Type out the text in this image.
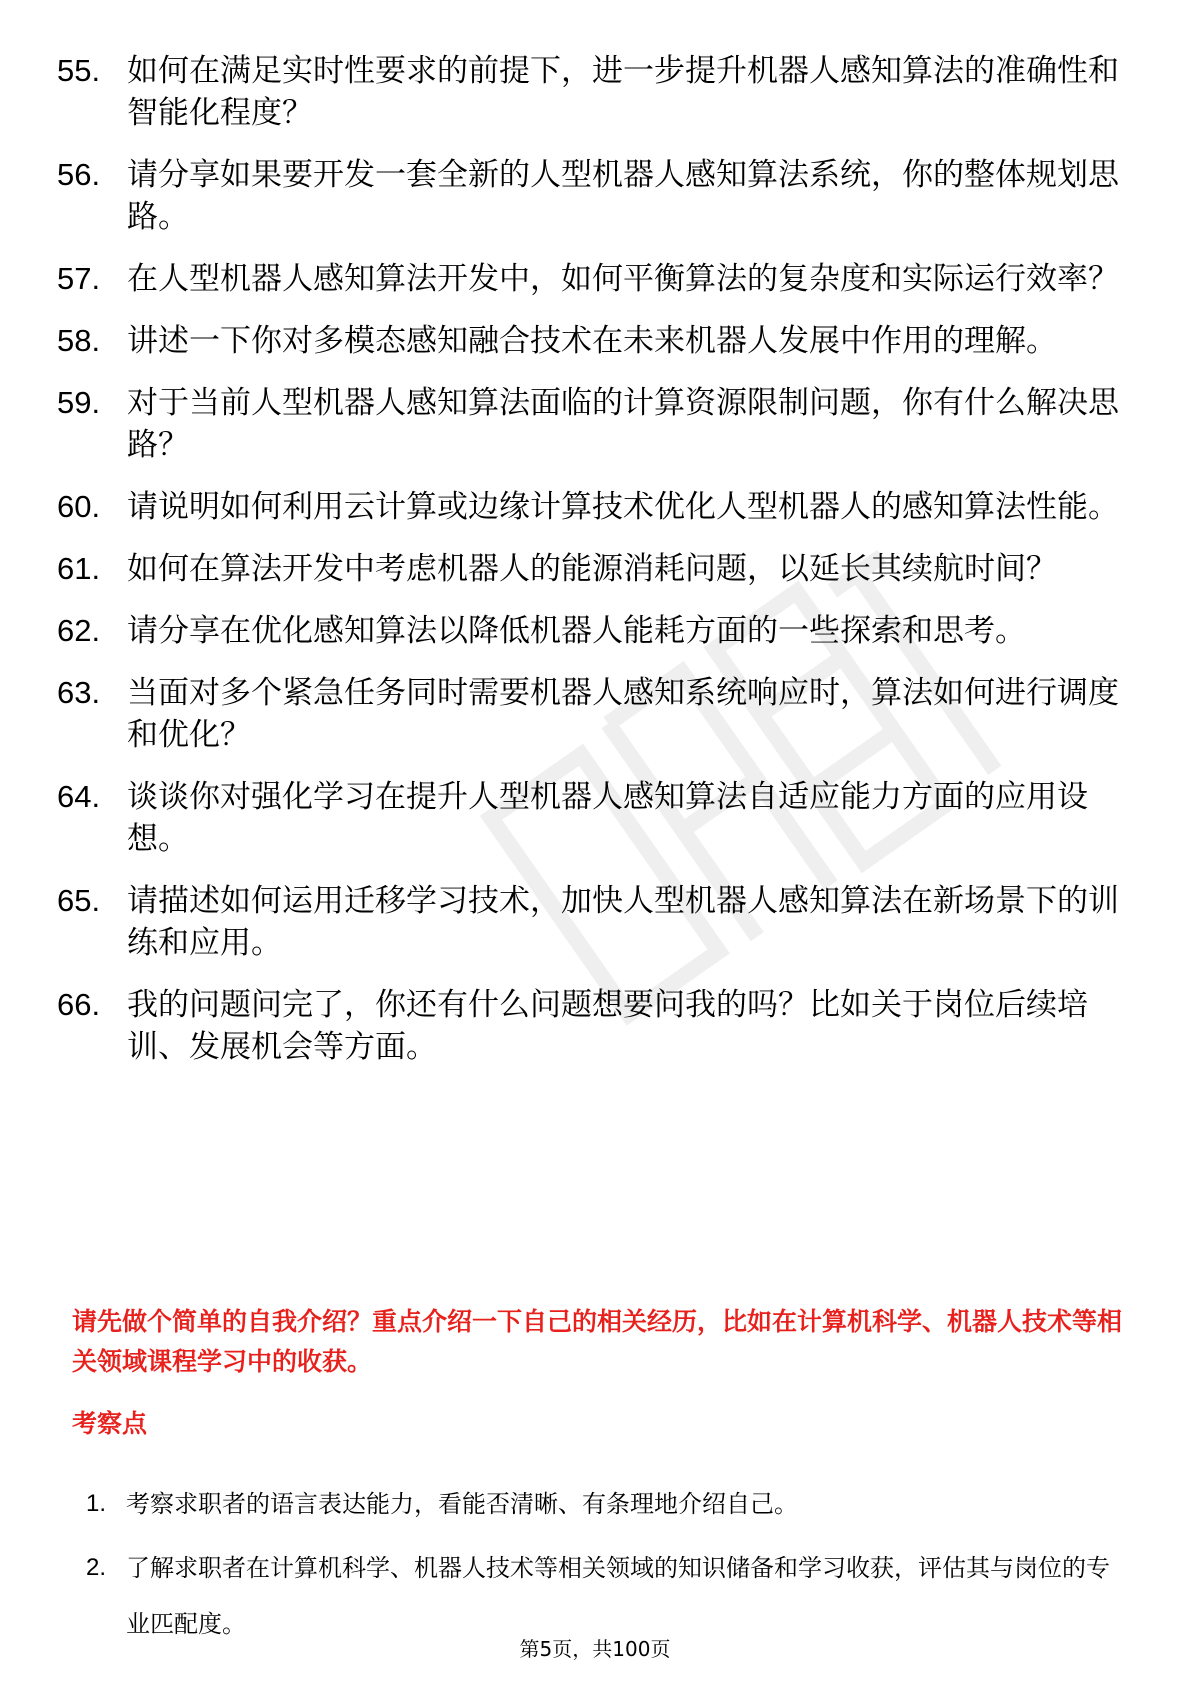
55. 如何在满足实时性要求的前提下，进一步提升机器人感知算法的准确性和智能化程度？
56. 请分享如果要开发一套全新的人型机器人感知算法系统，你的整体规划思路。
57. 在人型机器人感知算法开发中，如何平衡算法的复杂度和实际运行效率？
58. 讲述一下你对多模态感知融合技术在未来机器人发展中作用的理解。
59. 对于当前人型机器人感知算法面临的计算资源限制问题，你有什么解决思路？
60. 请说明如何利用云计算或边缘计算技术优化人型机器人的感知算法性能。
61. 如何在算法开发中考虑机器人的能源消耗问题，以延长其续航时间？
62. 请分享在优化感知算法以降低机器人能耗方面的一些探索和思考。
63. 当面对多个紧急任务同时需要机器人感知系统响应时，算法如何进行调度和优化？
64. 谈谈你对强化学习在提升人型机器人感知算法自适应能力方面的应用设想。
65. 请描述如何运用迁移学习技术，加快人型机器人感知算法在新场景下的训练和应用。
66. 我的问题问完了，你还有什么问题想要问我的吗？比如关于岗位后续培训、发展机会等方面。

请先做个简单的自我介绍？重点介绍一下自己的相关经历，比如在计算机科学、机器人技术等相关领域课程学习中的收获。

考察点
1. 考察求职者的语言表达能力，看能否清晰、有条理地介绍自己。
2. 了解求职者在计算机科学、机器人技术等相关领域的知识储备和学习收获，评估其与岗位的专业匹配度。
第5页，共100页
